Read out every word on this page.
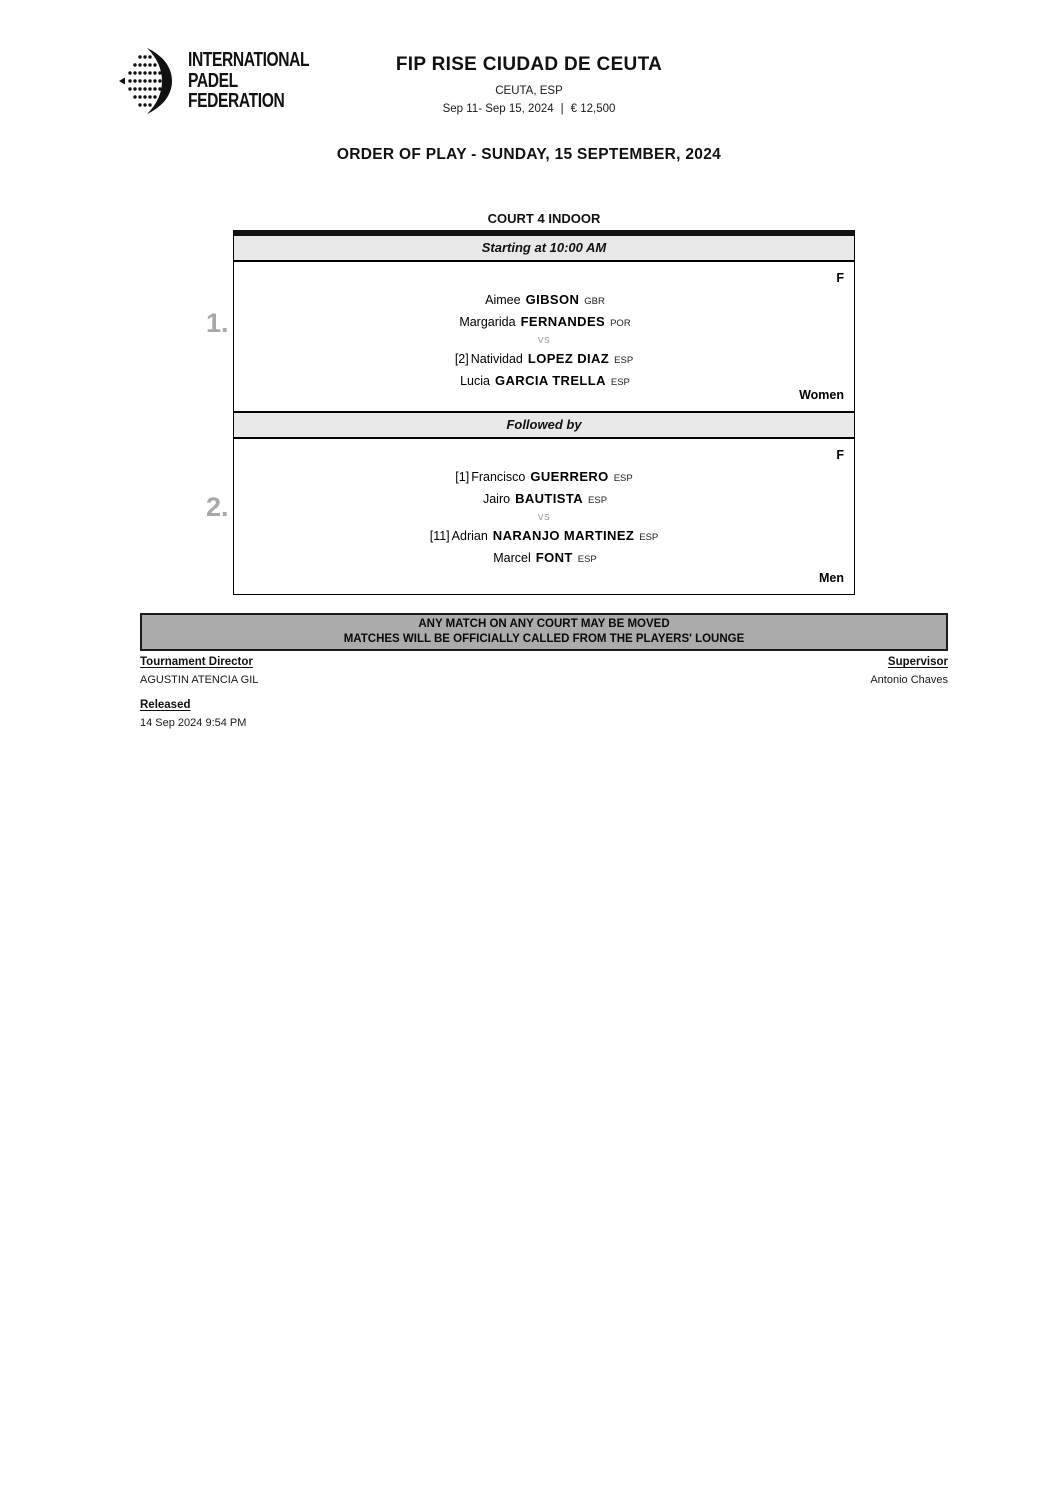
INTERNATIONAL
PADEL
FEDERATION
FIP RISE CIUDAD DE CEUTA
CEUTA, ESP
Sep 11- Sep 15, 2024 | € 12,500
ORDER OF PLAY - SUNDAY, 15 SEPTEMBER, 2024
COURT 4 INDOOR
1.
2.
Starting at 10:00 AM
F
Aimee GIBSON GBR
Margarida FERNANDES POR
VS
[2] Natividad LOPEZ DIAZ ESP
Lucia GARCIA TRELLA ESP
Women
Followed by
F
[1] Francisco GUERRERO ESP
Jairo BAUTISTA ESP
VS
[11] Adrian NARANJO MARTINEZ ESP
Marcel FONT ESP
Men
ANY MATCH ON ANY COURT MAY BE MOVED
MATCHES WILL BE OFFICIALLY CALLED FROM THE PLAYERS' LOUNGE
Tournament Director
AGUSTIN ATENCIA GIL
Released
14 Sep 2024 9:54 PM
Supervisor
Antonio Chaves
